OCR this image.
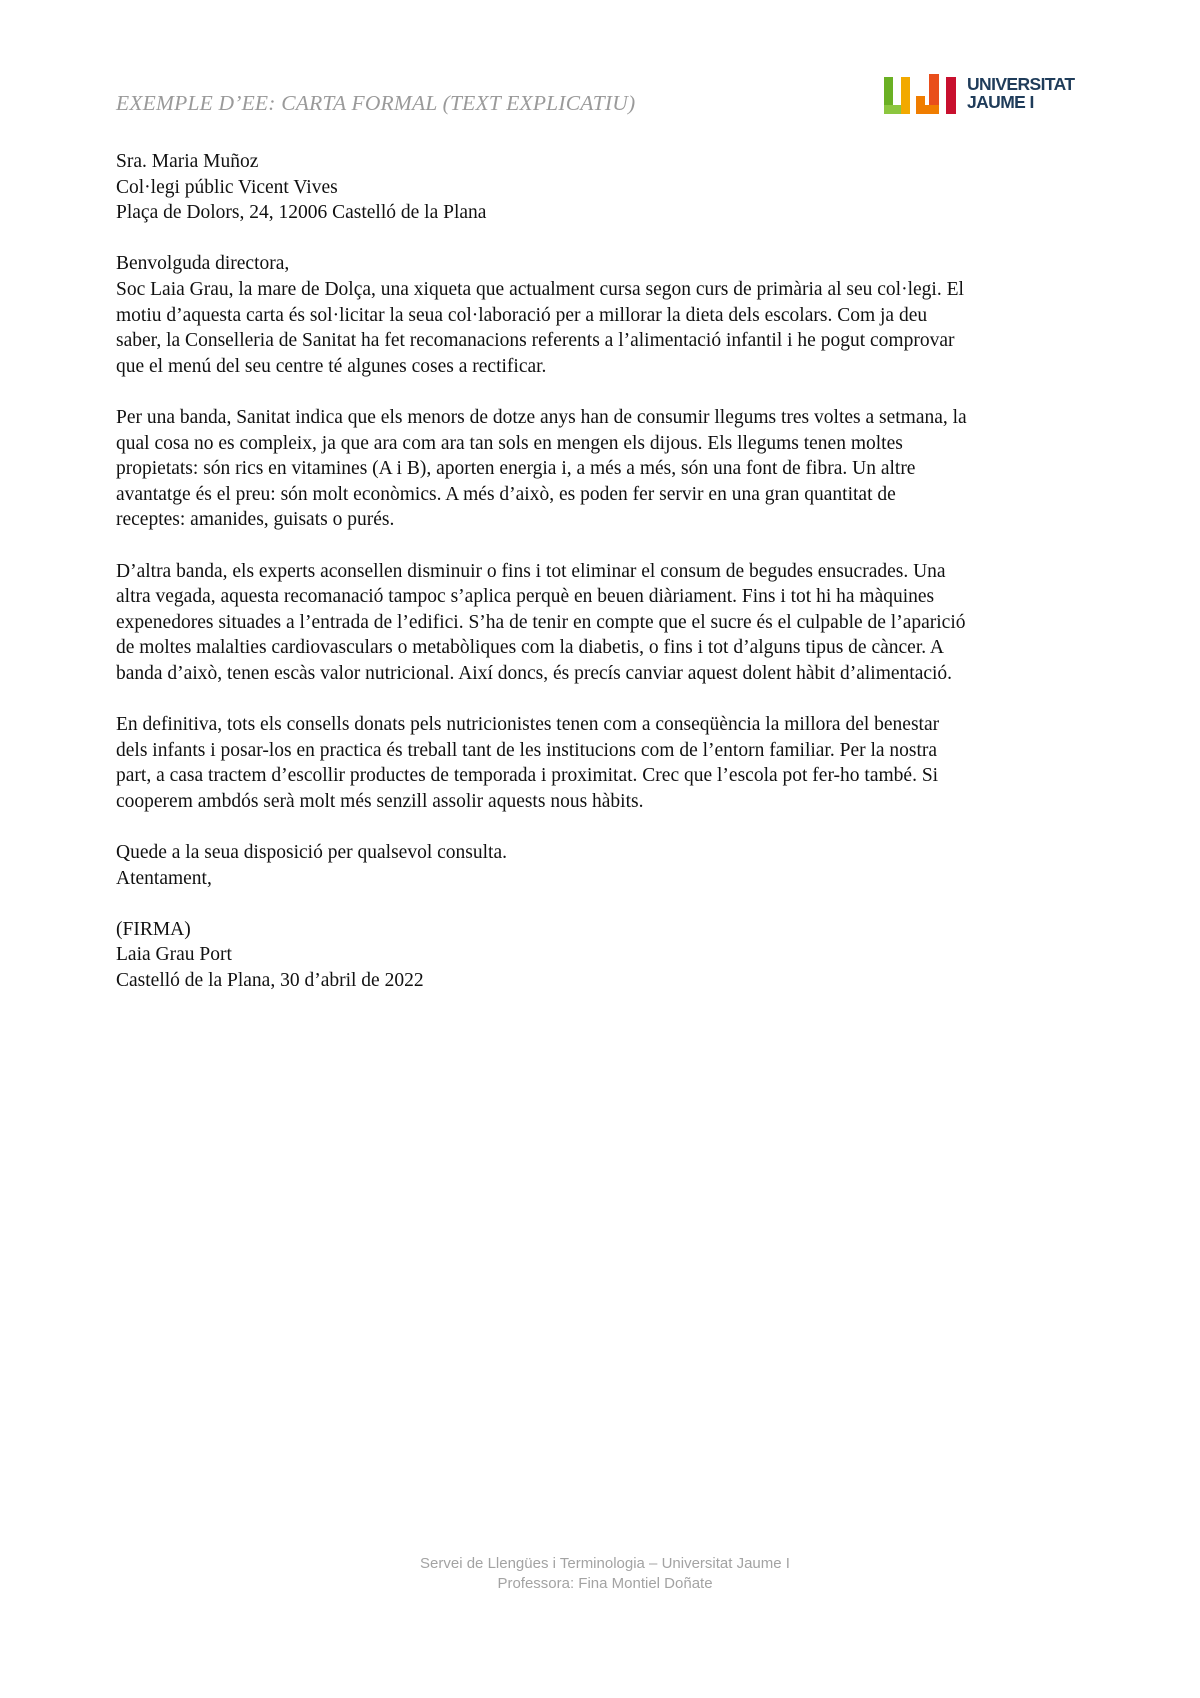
EXEMPLE D’EE: CARTA FORMAL (TEXT EXPLICATIU)
UNIVERSITAT
JAUME I

Sra. Maria Muñoz

Col·legi públic Vicent Vives

Plaça de Dolors, 24, 12006 Castelló de la Plana

Benvolguda directora,

Soc Laia Grau, la mare de Dolça, una xiqueta que actualment cursa segon curs de primària al seu col·legi. El

motiu d’aquesta carta és sol·licitar la seua col·laboració per a millorar la dieta dels escolars. Com ja deu

saber, la Conselleria de Sanitat ha fet recomanacions referents a l’alimentació infantil i he pogut comprovar

que el menú del seu centre té algunes coses a rectificar.

Per una banda, Sanitat indica que els menors de dotze anys han de consumir llegums tres voltes a setmana, la

qual cosa no es compleix, ja que ara com ara tan sols en mengen els dijous. Els llegums tenen moltes

propietats: són rics en vitamines (A i B), aporten energia i, a més a més, són una font de fibra. Un altre

avantatge és el preu: són molt econòmics. A més d’això, es poden fer servir en una gran quantitat de

receptes: amanides, guisats o purés.

D’altra banda, els experts aconsellen disminuir o fins i tot eliminar el consum de begudes ensucrades. Una

altra vegada, aquesta recomanació tampoc s’aplica perquè en beuen diàriament. Fins i tot hi ha màquines

expenedores situades a l’entrada de l’edifici. S’ha de tenir en compte que el sucre és el culpable de l’aparició

de moltes malalties cardiovasculars o metabòliques com la diabetis, o fins i tot d’alguns tipus de càncer. A

banda d’això, tenen escàs valor nutricional. Així doncs, és precís canviar aquest dolent hàbit d’alimentació.

En definitiva, tots els consells donats pels nutricionistes tenen com a conseqüència la millora del benestar

dels infants i posar-los en practica és treball tant de les institucions com de l’entorn familiar. Per la nostra

part, a casa tractem d’escollir productes de temporada i proximitat. Crec que l’escola pot fer-ho també. Si

cooperem ambdós serà molt més senzill assolir aquests nous hàbits.

Quede a la seua disposició per qualsevol consulta.

Atentament,

(FIRMA)

Laia Grau Port

Castelló de la Plana, 30 d’abril de 2022

Servei de Llengües i Terminologia – Universitat Jaume I
Professora: Fina Montiel Doñate
